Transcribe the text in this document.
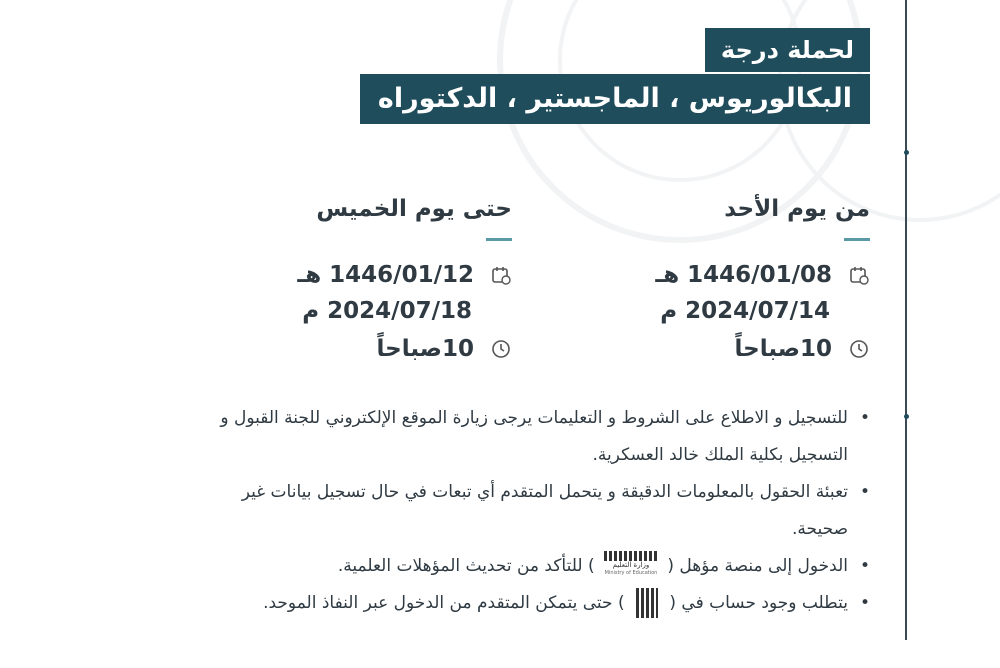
لحملة درجة
البكالوريوس ، الماجستير ، الدكتوراه
من يوم الأحد
1446/01/08 هـ
2024/07/14 م
10صباحاً
حتى يوم الخميس
1446/01/12 هـ
2024/07/18 م
10صباحاً
• للتسجيل و الاطلاع على الشروط و التعليمات يرجى زيارة الموقع الإلكتروني للجنة القبول و التسجيل بكلية الملك خالد العسكرية.
• تعبئة الحقول بالمعلومات الدقيقة و يتحمل المتقدم أي تبعات في حال تسجيل بيانات غير صحيحة.
• الدخول إلى منصة مؤهل (
وزارة التعليم
Ministry of Education
) للتأكد من تحديث المؤهلات العلمية.
• يتطلب وجود حساب في (  ) حتى يتمكن المتقدم من الدخول عبر النفاذ الموحد.
